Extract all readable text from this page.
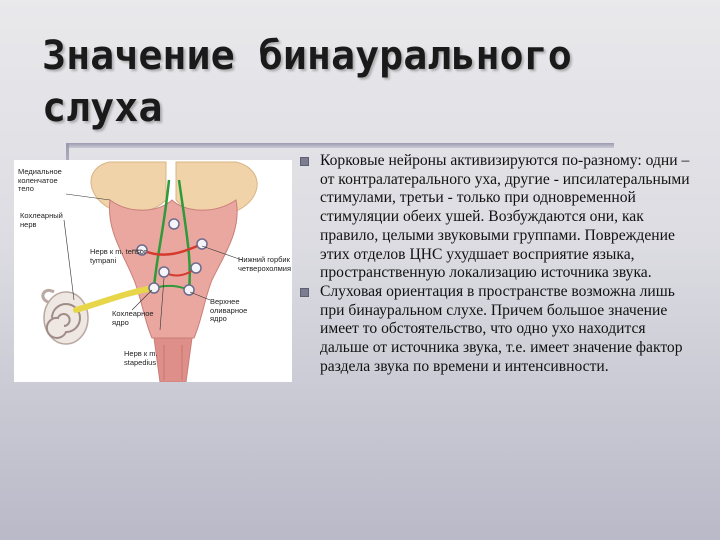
Значение бинаурального слуха
Медиальное коленчатое тело
Кохлеарный нерв
Нерв к m. tensor tympani	Нижний горбик четверохолмия
Верхнее оливарное ядро
Кохлеарное ядро
Нерв к m. stapedius
Корковые нейроны активизируются по-разному: одни – от контралатерального уха, другие - ипсилатеральными стимулами, третьи - только при одновременной стимуляции обеих ушей. Возбуждаются они, как правило, целыми звуковыми группами. Повреждение этих отделов ЦНС ухудшает восприятие языка, пространственную локализацию источника звука.
Слуховая ориентация в пространстве возможна лишь при бинауральном слухе. Причем большое значение имеет то обстоятельство, что одно ухо находится дальше от источника звука, т.е. имеет значение фактор раздела звука по времени и интенсивности.
